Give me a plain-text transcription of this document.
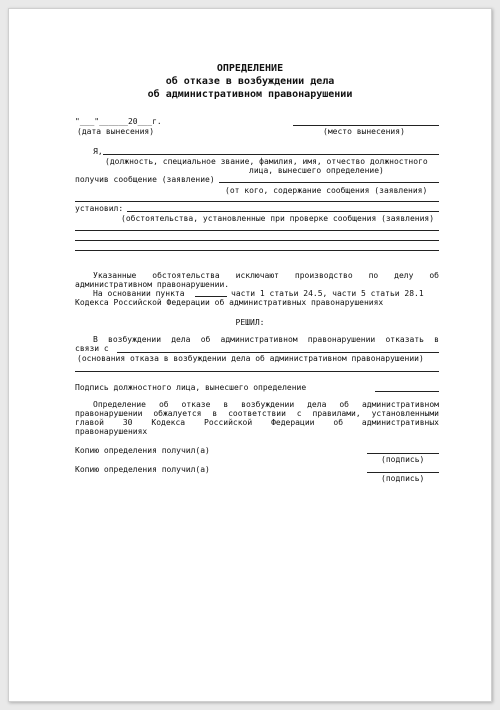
ОПРЕДЕЛЕНИЕ
об отказе в возбуждении дела
об административном правонарушении
"___"______20___г.
(дата вынесения)	(место вынесения)
Я,
(должность, специальное звание, фамилия, имя, отчество должностного
лица, вынесшего определение)
получив сообщение (заявление)
(от кого, содержание сообщения (заявления)
установил:
(обстоятельства, установленные при проверке сообщения (заявления)
Указанные обстоятельства исключают производство по делу об
административном правонарушении.
На основании пункта	части 1 статьи 24.5, части 5 статьи 28.1
Кодекса Российской Федерации об административных правонарушениях
РЕШИЛ:
В возбуждении дела об административном правонарушении отказать в
связи с
(основания отказа в возбуждении дела об административном правонарушении)
Подпись должностного лица, вынесшего определение
Определение об отказе в возбуждении дела об административном
правонарушении обжалуется в соответствии с правилами, установленными
главой 30 Кодекса Российской Федерации об административных
правонарушениях
Копию определения получил(а)
(подпись)
Копию определения получил(а)
(подпись)
